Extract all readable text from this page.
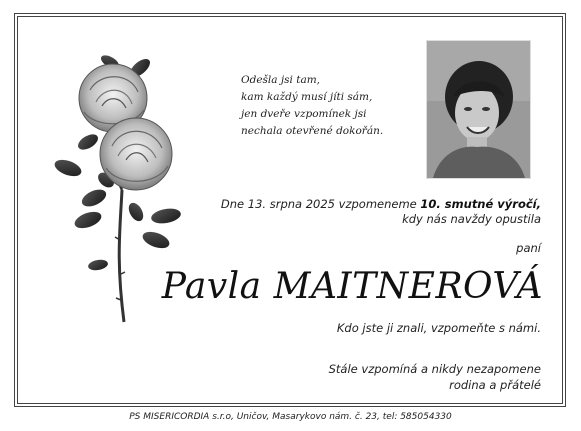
Odešla jsi tam,
kam každý musí jíti sám,
jen dveře vzpomínek jsi
nechala otevřené dokořán.
Dne 13. srpna 2025 vzpomeneme 10. smutné výročí,
kdy nás navždy opustila
paní
Pavla MAITNEROVÁ
Kdo jste ji znali, vzpomeňte s námi.
Stále vzpomíná a nikdy nezapomene
rodina a přátelé
PS MISERICORDIA s.r.o, Uničov, Masarykovo nám. č. 23, tel: 585054330
